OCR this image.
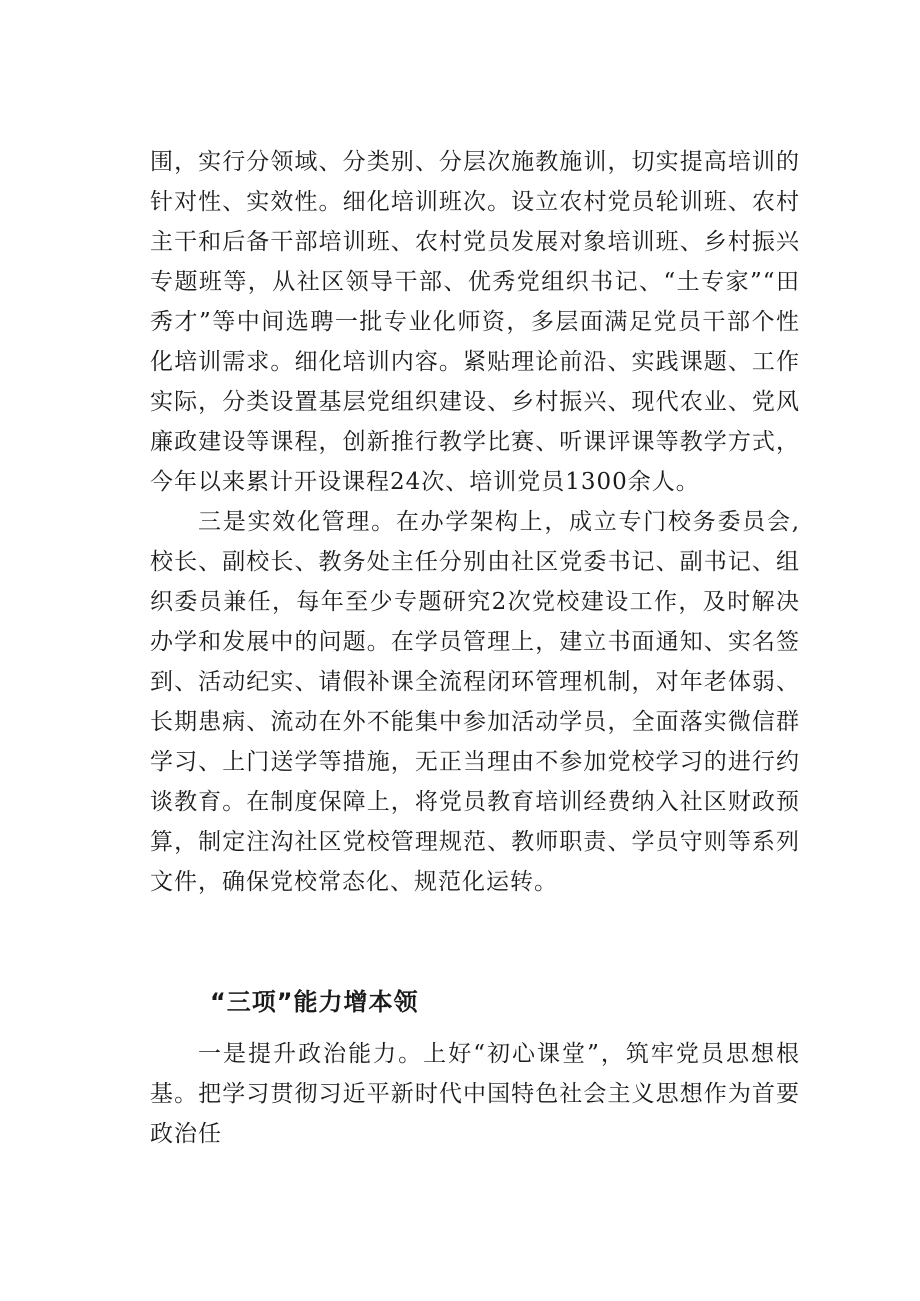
围，实行分领域、分类别、分层次施教施训，切实提高培训的针对性、实效性。细化培训班次。设立农村党员轮训班、农村主干和后备干部培训班、农村党员发展对象培训班、乡村振兴专题班等，从社区领导干部、优秀党组织书记、“土专家”“田秀才”等中间选聘一批专业化师资，多层面满足党员干部个性化培训需求。细化培训内容。紧贴理论前沿、实践课题、工作实际，分类设置基层党组织建设、乡村振兴、现代农业、党风廉政建设等课程，创新推行教学比赛、听课评课等教学方式，今年以来累计开设课程24次、培训党员1300余人。

三是实效化管理。在办学架构上，成立专门校务委员会,校长、副校长、教务处主任分别由社区党委书记、副书记、组织委员兼任，每年至少专题研究2次党校建设工作，及时解决办学和发展中的问题。在学员管理上，建立书面通知、实名签到、活动纪实、请假补课全流程闭环管理机制，对年老体弱、长期患病、流动在外不能集中参加活动学员，全面落实微信群学习、上门送学等措施，无正当理由不参加党校学习的进行约谈教育。在制度保障上，将党员教育培训经费纳入社区财政预算，制定注沟社区党校管理规范、教师职责、学员守则等系列文件，确保党校常态化、规范化运转。

“三项”能力增本领

一是提升政治能力。上好“初心课堂”，筑牢党员思想根基。把学习贯彻习近平新时代中国特色社会主义思想作为首要政治任
